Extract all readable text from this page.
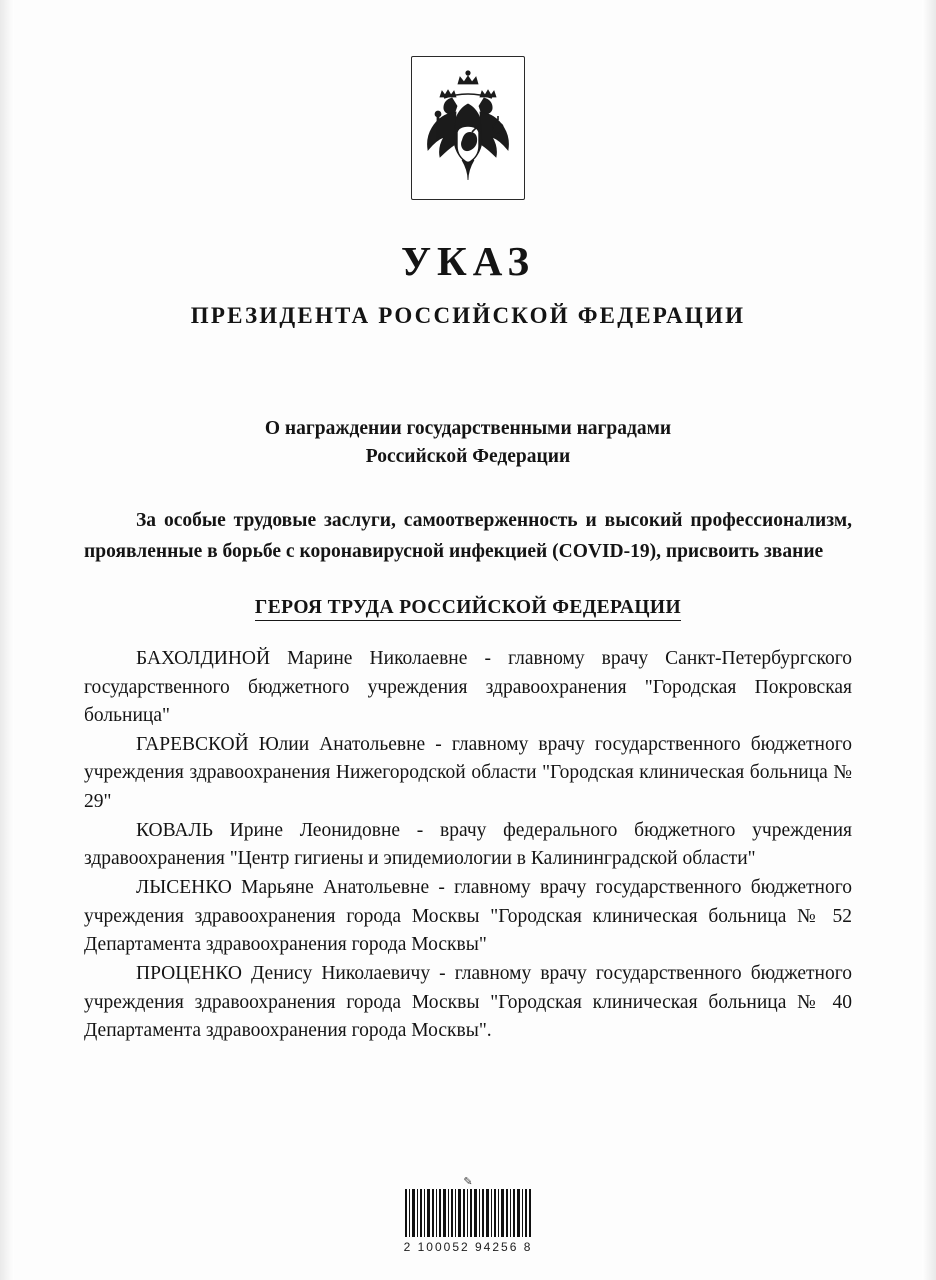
УКАЗ
ПРЕЗИДЕНТА РОССИЙСКОЙ ФЕДЕРАЦИИ
О награждении государственными наградами
Российской Федерации

За особые трудовые заслуги, самоотверженность и высокий профессионализм, проявленные в борьбе с коронавирусной инфекцией (COVID-19), присвоить звание

ГЕРОЯ ТРУДА РОССИЙСКОЙ ФЕДЕРАЦИИ

БАХОЛДИНОЙ Марине Николаевне - главному врачу Санкт-Петербургского государственного бюджетного учреждения здравоохранения "Городская Покровская больница"

ГАРЕВСКОЙ Юлии Анатольевне - главному врачу государственного бюджетного учреждения здравоохранения Нижегородской области "Городская клиническая больница № 29"

КОВАЛЬ Ирине Леонидовне - врачу федерального бюджетного учреждения здравоохранения "Центр гигиены и эпидемиологии в Калининградской области"

ЛЫСЕНКО Марьяне Анатольевне - главному врачу государственного бюджетного учреждения здравоохранения города Москвы "Городская клиническая больница № 52 Департамента здравоохранения города Москвы"

ПРОЦЕНКО Денису Николаевичу - главному врачу государственного бюджетного учреждения здравоохранения города Москвы "Городская клиническая больница № 40 Департамента здравоохранения города Москвы".

✎
2 100052 94256 8
